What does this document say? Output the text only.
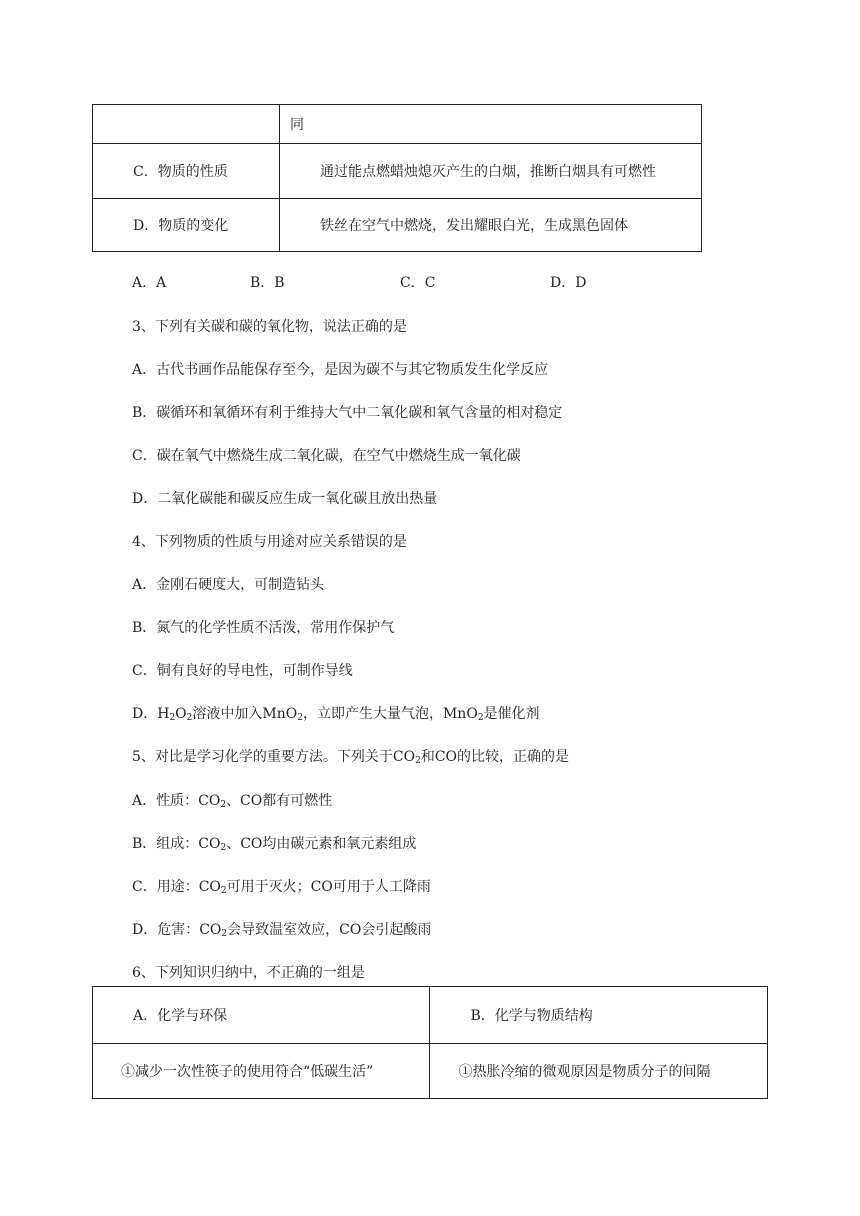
	同
C．物质的性质	通过能点燃蜡烛熄灭产生的白烟，推断白烟具有可燃性
D．物质的变化	铁丝在空气中燃烧，发出耀眼白光，生成黑色固体
A．A	B．B	C．C	D．D
3、下列有关碳和碳的氧化物，说法正确的是
A．古代书画作品能保存至今，是因为碳不与其它物质发生化学反应
B．碳循环和氧循环有利于维持大气中二氧化碳和氧气含量的相对稳定
C．碳在氧气中燃烧生成二氧化碳，在空气中燃烧生成一氧化碳
D．二氧化碳能和碳反应生成一氧化碳且放出热量
4、下列物质的性质与用途对应关系错误的是
A．金刚石硬度大，可制造钻头
B．氮气的化学性质不活泼，常用作保护气
C．铜有良好的导电性，可制作导线
D．$H_2O_2$溶液中加入MnO$_2$，立即产生大量气泡，MnO$_2$是催化剂
5、对比是学习化学的重要方法。下列关于$CO_2$和CO的比较，正确的是
A．性质：$CO_2$、CO都有可燃性
B．组成：$CO_2$、CO均由碳元素和氧元素组成
C．用途：$CO_2$可用于灭火；CO可用于人工降雨
D．危害：$CO_2$会导致温室效应，CO会引起酸雨
6、下列知识归纳中，不正确的一组是
A．化学与环保	B．化学与物质结构
①减少一次性筷子的使用符合“低碳生活”	①热胀冷缩的微观原因是物质分子的间隔
